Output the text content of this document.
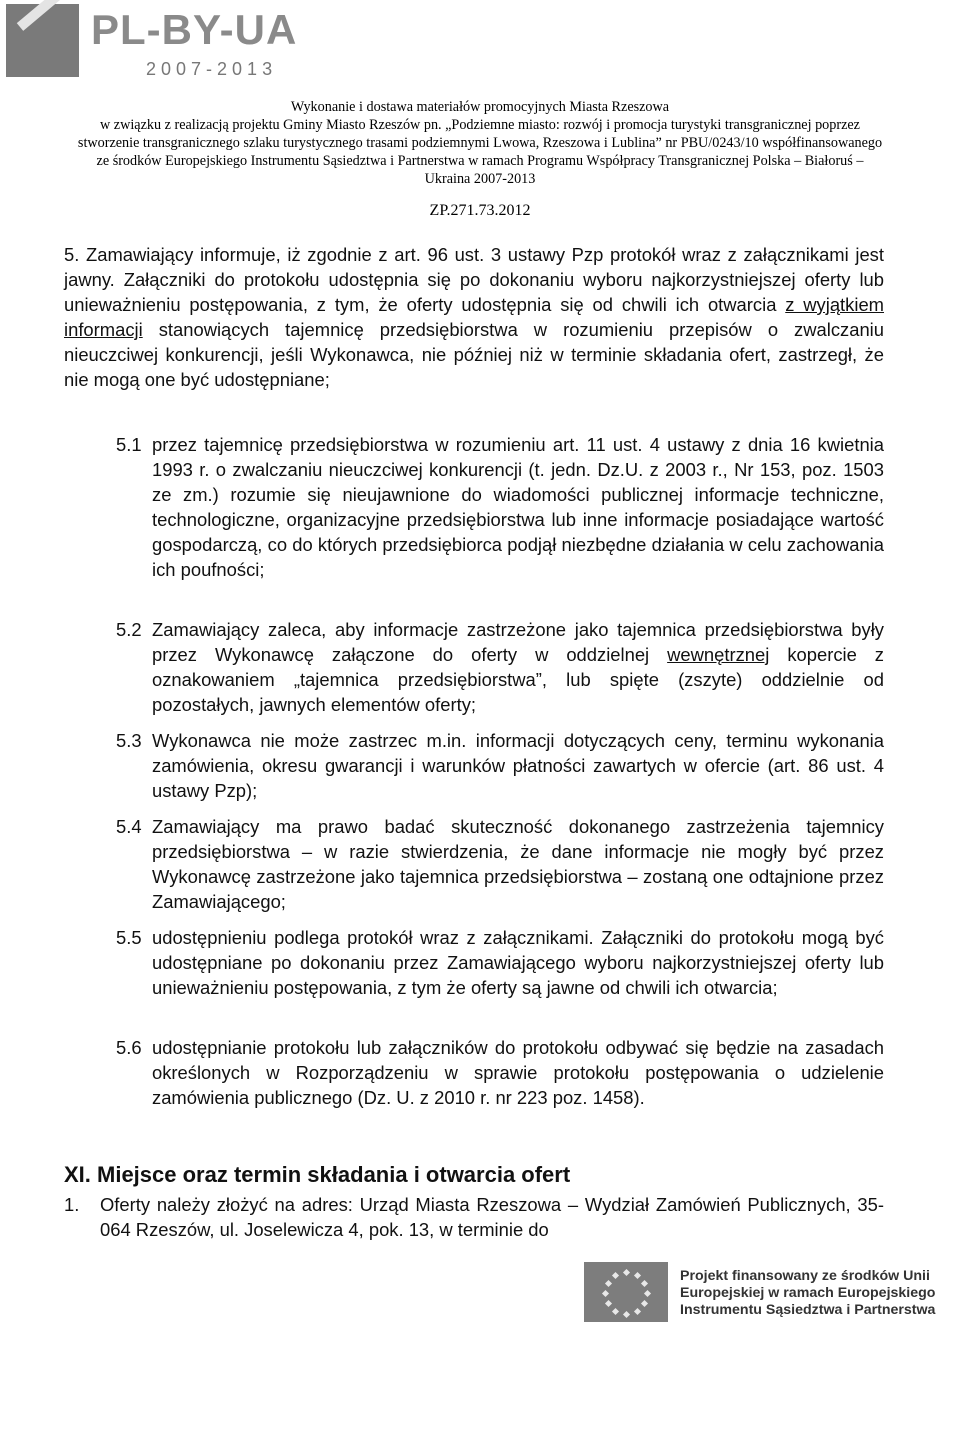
PL-BY-UA
2007-2013
Wykonanie i dostawa materiałów promocyjnych Miasta Rzeszowa
w związku z realizacją projektu Gminy Miasto Rzeszów pn. „Podziemne miasto: rozwój i promocja turystyki transgranicznej poprzez
stworzenie transgranicznego szlaku turystycznego trasami podziemnymi Lwowa, Rzeszowa i Lublina” nr PBU/0243/10 współfinansowanego
ze środków Europejskiego Instrumentu Sąsiedztwa i Partnerstwa w ramach Programu Współpracy Transgranicznej Polska – Białoruś –
Ukraina 2007-2013
ZP.271.73.2012
5. Zamawiający informuje, iż zgodnie z art. 96 ust. 3 ustawy Pzp protokół wraz z załącznikami jest jawny. Załączniki do protokołu udostępnia się po dokonaniu wyboru najkorzystniejszej oferty lub unieważnieniu postępowania, z tym, że oferty udostępnia się od chwili ich otwarcia z wyjątkiem informacji stanowiących tajemnicę przedsiębiorstwa w rozumieniu przepisów o zwalczaniu nieuczciwej konkurencji, jeśli Wykonawca, nie później niż w terminie składania ofert, zastrzegł, że nie mogą one być udostępniane;
5.1 przez tajemnicę przedsiębiorstwa w rozumieniu art. 11 ust. 4 ustawy z dnia 16 kwietnia 1993 r. o zwalczaniu nieuczciwej konkurencji (t. jedn. Dz.U. z 2003 r., Nr 153, poz. 1503 ze zm.) rozumie się nieujawnione do wiadomości publicznej informacje techniczne, technologiczne, organizacyjne przedsiębiorstwa lub inne informacje posiadające wartość gospodarczą, co do których przedsiębiorca podjął niezbędne działania w celu zachowania ich poufności;
5.2 Zamawiający zaleca, aby informacje zastrzeżone jako tajemnica przedsiębiorstwa były przez Wykonawcę załączone do oferty w oddzielnej wewnętrznej kopercie z oznakowaniem „tajemnica przedsiębiorstwa”, lub spięte (zszyte) oddzielnie od pozostałych, jawnych elementów oferty;
5.3 Wykonawca nie może zastrzec m.in. informacji dotyczących ceny, terminu wykonania zamówienia, okresu gwarancji i warunków płatności zawartych w ofercie (art. 86 ust. 4 ustawy Pzp);
5.4 Zamawiający ma prawo badać skuteczność dokonanego zastrzeżenia tajemnicy przedsiębiorstwa – w razie stwierdzenia, że dane informacje nie mogły być przez Wykonawcę zastrzeżone jako tajemnica przedsiębiorstwa – zostaną one odtajnione przez Zamawiającego;
5.5 udostępnieniu podlega protokół wraz z załącznikami. Załączniki do protokołu mogą być udostępniane po dokonaniu przez Zamawiającego wyboru najkorzystniejszej oferty lub unieważnieniu postępowania, z tym że oferty są jawne od chwili ich otwarcia;
5.6 udostępnianie protokołu lub załączników do protokołu odbywać się będzie na zasadach określonych w Rozporządzeniu w sprawie protokołu postępowania o udzielenie zamówienia publicznego (Dz. U. z 2010 r. nr 223 poz. 1458).
XI. Miejsce oraz termin składania i otwarcia ofert
1.	Oferty należy złożyć na adres: Urząd Miasta Rzeszowa – Wydział Zamówień Publicznych, 35-064 Rzeszów, ul. Joselewicza 4, pok. 13, w terminie do
Projekt finansowany ze środków Unii
Europejskiej w ramach Europejskiego
Instrumentu Sąsiedztwa i Partnerstwa
